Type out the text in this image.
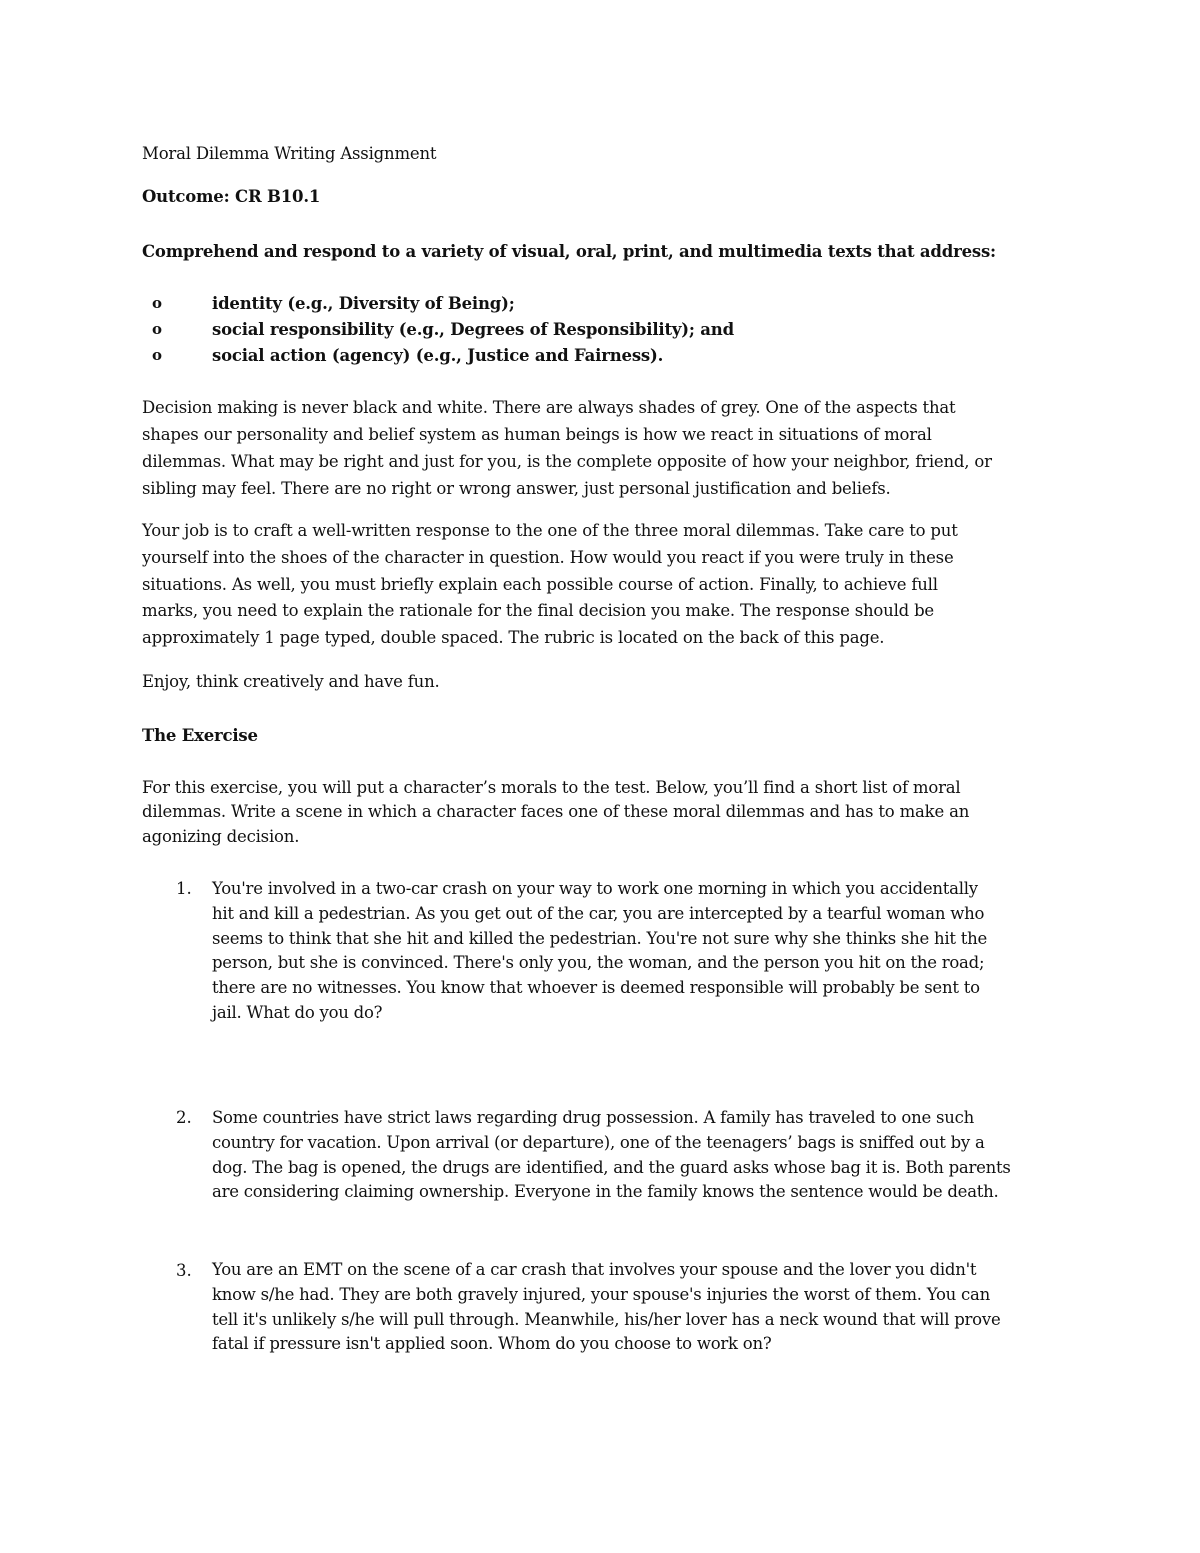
Moral Dilemma Writing Assignment
Outcome: CR B10.1
Comprehend and respond to a variety of visual, oral, print, and multimedia texts that address:
o	identity (e.g., Diversity of Being);
o	social responsibility (e.g., Degrees of Responsibility); and
o	social action (agency) (e.g., Justice and Fairness).
Decision making is never black and white. There are always shades of grey. One of the aspects that
shapes our personality and belief system as human beings is how we react in situations of moral
dilemmas. What may be right and just for you, is the complete opposite of how your neighbor, friend, or
sibling may feel. There are no right or wrong answer, just personal justification and beliefs.
Your job is to craft a well-written response to the one of the three moral dilemmas. Take care to put
yourself into the shoes of the character in question. How would you react if you were truly in these
situations. As well, you must briefly explain each possible course of action. Finally, to achieve full
marks, you need to explain the rationale for the final decision you make. The response should be
approximately 1 page typed, double spaced. The rubric is located on the back of this page.
Enjoy, think creatively and have fun.
The Exercise
For this exercise, you will put a character’s morals to the test. Below, you’ll find a short list of moral
dilemmas. Write a scene in which a character faces one of these moral dilemmas and has to make an
agonizing decision.
1. You're involved in a two-car crash on your way to work one morning in which you accidentally
hit and kill a pedestrian. As you get out of the car, you are intercepted by a tearful woman who
seems to think that she hit and killed the pedestrian. You're not sure why she thinks she hit the
person, but she is convinced. There's only you, the woman, and the person you hit on the road;
there are no witnesses. You know that whoever is deemed responsible will probably be sent to
jail. What do you do?
2. Some countries have strict laws regarding drug possession. A family has traveled to one such
country for vacation. Upon arrival (or departure), one of the teenagers’ bags is sniffed out by a
dog. The bag is opened, the drugs are identified, and the guard asks whose bag it is. Both parents
are considering claiming ownership. Everyone in the family knows the sentence would be death.
3. You are an EMT on the scene of a car crash that involves your spouse and the lover you didn't
know s/he had. They are both gravely injured, your spouse's injuries the worst of them. You can
tell it's unlikely s/he will pull through. Meanwhile, his/her lover has a neck wound that will prove
fatal if pressure isn't applied soon. Whom do you choose to work on?
